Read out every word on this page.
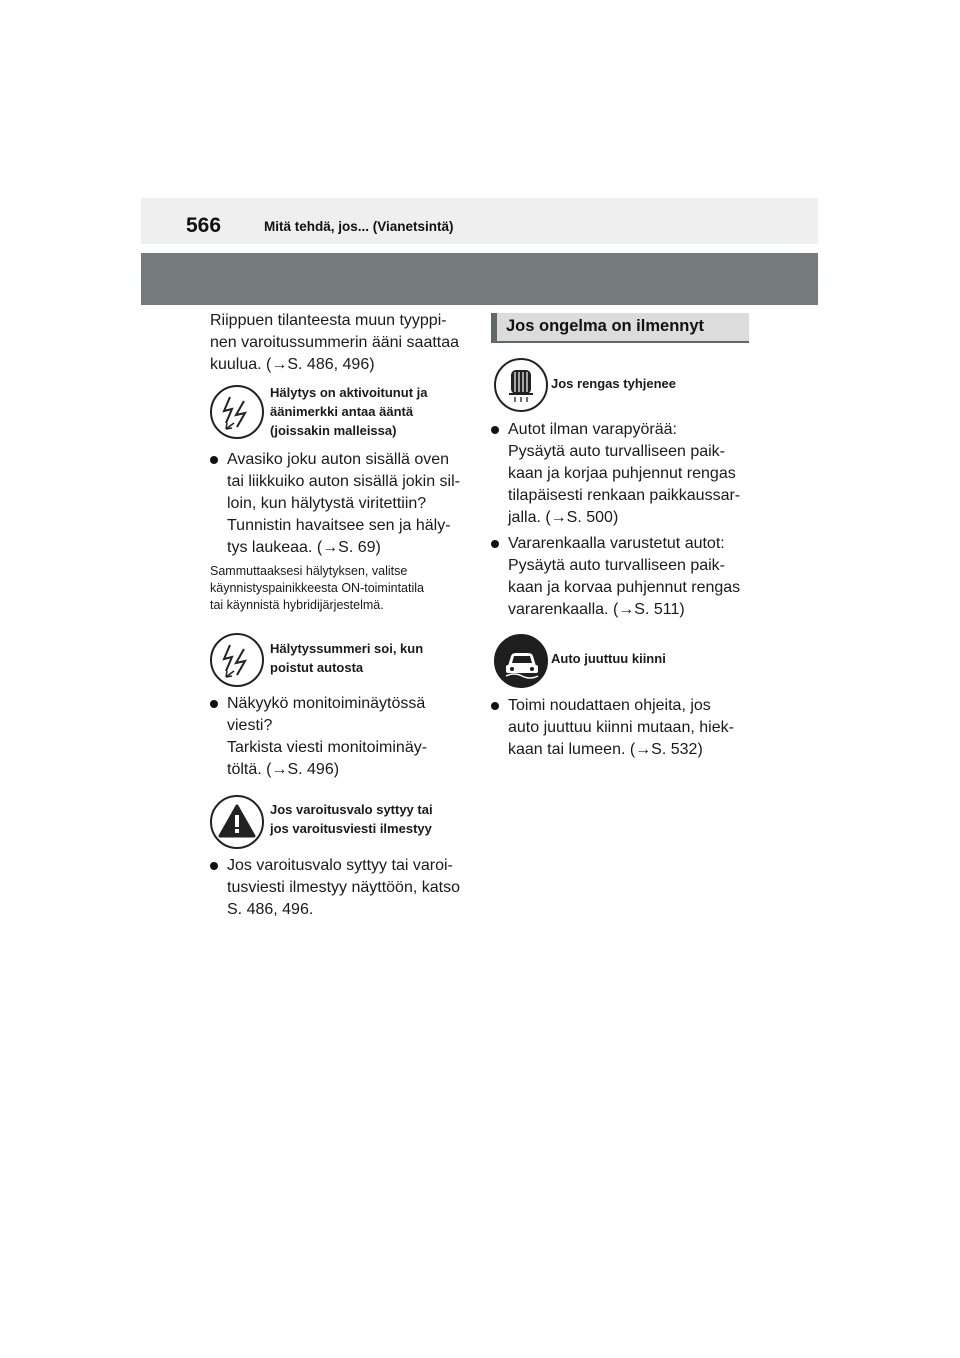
566	Mitä tehdä, jos... (Vianetsintä)
Riippuen tilanteesta muun tyyppi-
nen varoitussummerin ääni saattaa
kuulua. (→S. 486, 496)
Hälytys on aktivoitunut ja
äänimerkki antaa ääntä
(joissakin malleissa)
Avasiko joku auton sisällä oven
tai liikkuiko auton sisällä jokin sil-
loin, kun hälytystä viritettiin?
Tunnistin havaitsee sen ja häly-
tys laukeaa. (→S. 69)
Sammuttaaksesi hälytyksen, valitse
käynnistyspainikkeesta ON-toimintatila
tai käynnistä hybridijärjestelmä.
Hälytyssummeri soi, kun
poistut autosta
Näkyykö monitoiminäytössä
viesti?
Tarkista viesti monitoiminäy-
töltä. (→S. 496)
Jos varoitusvalo syttyy tai
jos varoitusviesti ilmestyy
Jos varoitusvalo syttyy tai varoi-
tusviesti ilmestyy näyttöön, katso
S. 486, 496.
Jos ongelma on ilmennyt
Jos rengas tyhjenee
Autot ilman varapyörää:
Pysäytä auto turvalliseen paik-
kaan ja korjaa puhjennut rengas
tilapäisesti renkaan paikkaussar-
jalla. (→S. 500)
Vararenkaalla varustetut autot:
Pysäytä auto turvalliseen paik-
kaan ja korvaa puhjennut rengas
vararenkaalla. (→S. 511)
Auto juuttuu kiinni
Toimi noudattaen ohjeita, jos
auto juuttuu kiinni mutaan, hiek-
kaan tai lumeen. (→S. 532)
